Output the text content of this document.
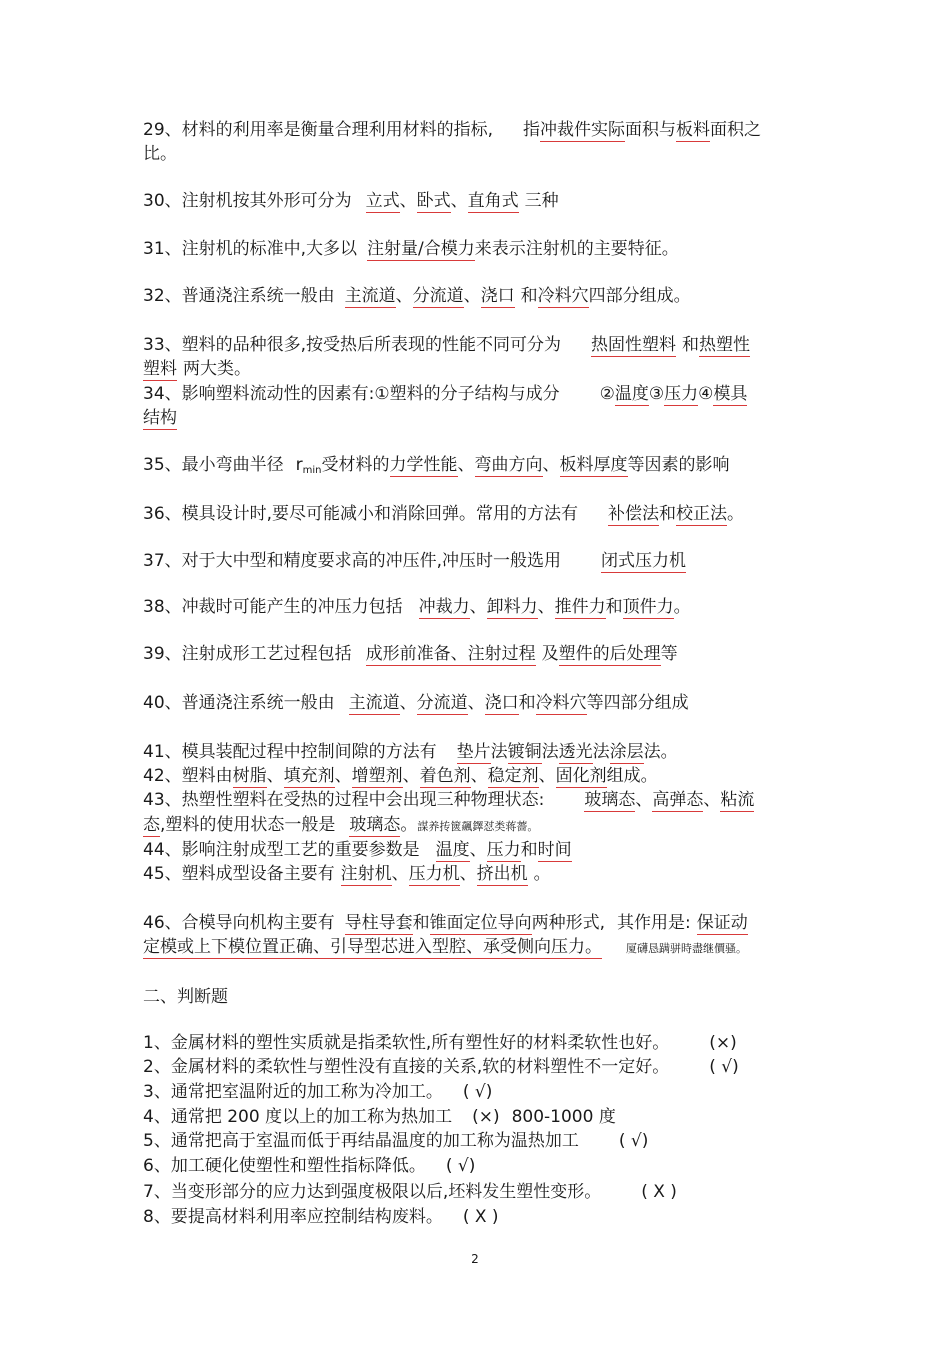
29、材料的利用率是衡量合理利用材料的指标, 指冲裁件实际面积与板料面积之
比。
30、注射机按其外形可分为 立式、卧式、直角式 三种
31、注射机的标准中,大多以 注射量/合模力来表示注射机的主要特征。
32、普通浇注系统一般由 主流道、分流道、浇口 和冷料穴四部分组成。
33、塑料的品种很多,按受热后所表现的性能不同可分为 热固性塑料 和热塑性
塑料 两大类。
34、影响塑料流动性的因素有:①塑料的分子结构与成分 ②温度③压力④模具
结构
35、最小弯曲半径 $r_{min}$受材料的力学性能、弯曲方向、板料厚度等因素的影响
36、模具设计时,要尽可能减小和消除回弹。常用的方法有 补偿法和校正法。
37、对于大中型和精度要求高的冲压件,冲压时一般选用 闭式压力机
38、冲裁时可能产生的冲压力包括 冲裁力、卸料力、推件力和顶件力。
39、注射成形工艺过程包括 成形前准备、注射过程 及塑件的后处理等
40、普通浇注系统一般由 主流道、分流道、浇口和冷料穴等四部分组成
41、模具装配过程中控制间隙的方法有 垫片法镀铜法透光法涂层法。
42、塑料由树脂、填充剂、增塑剂、着色剂、稳定剂、固化剂组成。
43、热塑性塑料在受热的过程中会出现三种物理状态: 玻璃态、高弹态、粘流
态,塑料的使用状态一般是 玻璃态。謀养抟篋飆鐸怼类蒋薔。
44、影响注射成型工艺的重要参数是 温度、压力和时间
45、塑料成型设备主要有 注射机、压力机、挤出机 。
46、合模导向机构主要有 导柱导套和锥面定位导向两种形式, 其作用是: 保证动
定模或上下模位置正确、引导型芯进入型腔、承受侧向压力。 厦礴恳蹒骈時盡继價骚。
二、判断题
1、金属材料的塑性实质就是指柔软性,所有塑性好的材料柔软性也好。 (×)
2、金属材料的柔软性与塑性没有直接的关系,软的材料塑性不一定好。 ( √)
3、通常把室温附近的加工称为冷加工。 ( √)
4、通常把 200 度以上的加工称为热加工 (×) 800-1000 度
5、通常把高于室温而低于再结晶温度的加工称为温热加工 ( √)
6、加工硬化使塑性和塑性指标降低。 ( √)
7、当变形部分的应力达到强度极限以后,坯料发生塑性变形。 ( X )
8、要提高材料利用率应控制结构废料。 ( X )
2
